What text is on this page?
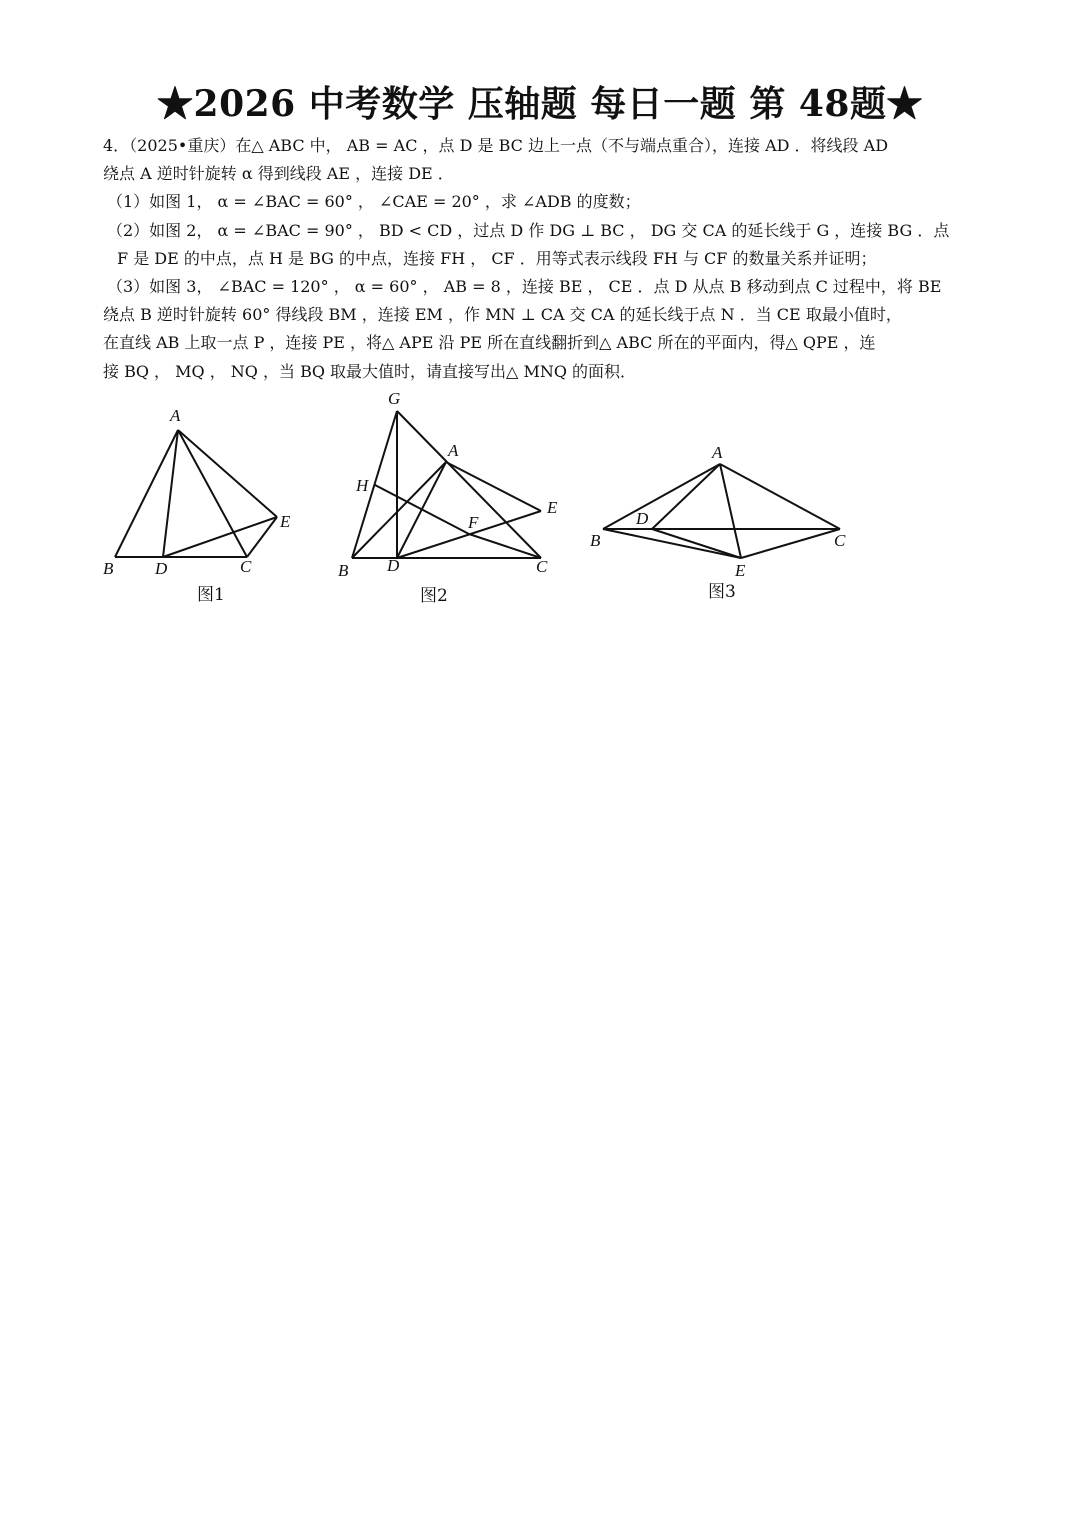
★2026 中考数学 压轴题 每日一题 第 48题★
4．（2025•重庆）在△ ABC 中， AB = AC ，点 D 是 BC 边上一点（不与端点重合），连接 AD ．将线段 AD
绕点 A 逆时针旋转 α 得到线段 AE ，连接 DE ．
（1）如图 1， α = ∠BAC = 60° ， ∠CAE = 20° ，求 ∠ADB 的度数；
（2）如图 2， α = ∠BAC = 90° ， BD < CD ，过点 D 作 DG ⊥ BC ， DG 交 CA 的延长线于 G ，连接 BG ．点
F 是 DE 的中点，点 H 是 BG 的中点，连接 FH ， CF ．用等式表示线段 FH 与 CF 的数量关系并证明；
（3）如图 3， ∠BAC = 120° ， α = 60° ， AB = 8 ，连接 BE ， CE ．点 D 从点 B 移动到点 C 过程中，将 BE
绕点 B 逆时针旋转 60° 得线段 BM ，连接 EM ，作 MN ⊥ CA 交 CA 的延长线于点 N ．当 CE 取最小值时，
在直线 AB 上取一点 P ，连接 PE ，将△ APE 沿 PE 所在直线翻折到△ ABC 所在的平面内，得△ QPE ，连
接 BQ ， MQ ， NQ ，当 BQ 取最大值时，请直接写出△ MNQ 的面积．
A
B D	C
E
图1
G
A
H
E
F
B D	C
图2
A
B
D
C
E
图3
